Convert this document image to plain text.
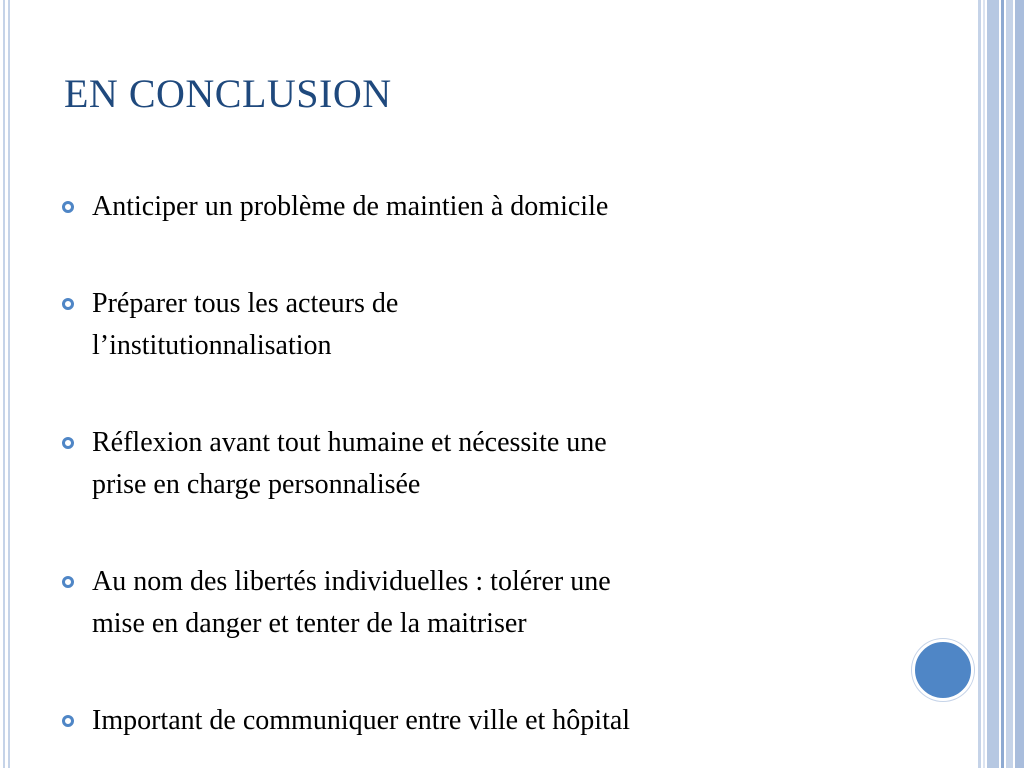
EN CONCLUSION
Anticiper un problème de maintien à domicile
Préparer tous les acteurs de
l’institutionnalisation
Réflexion avant tout humaine et nécessite une
prise en charge personnalisée
Au nom des libertés individuelles : tolérer une
mise en danger et tenter de la maitriser
Important de communiquer entre ville et hôpital
